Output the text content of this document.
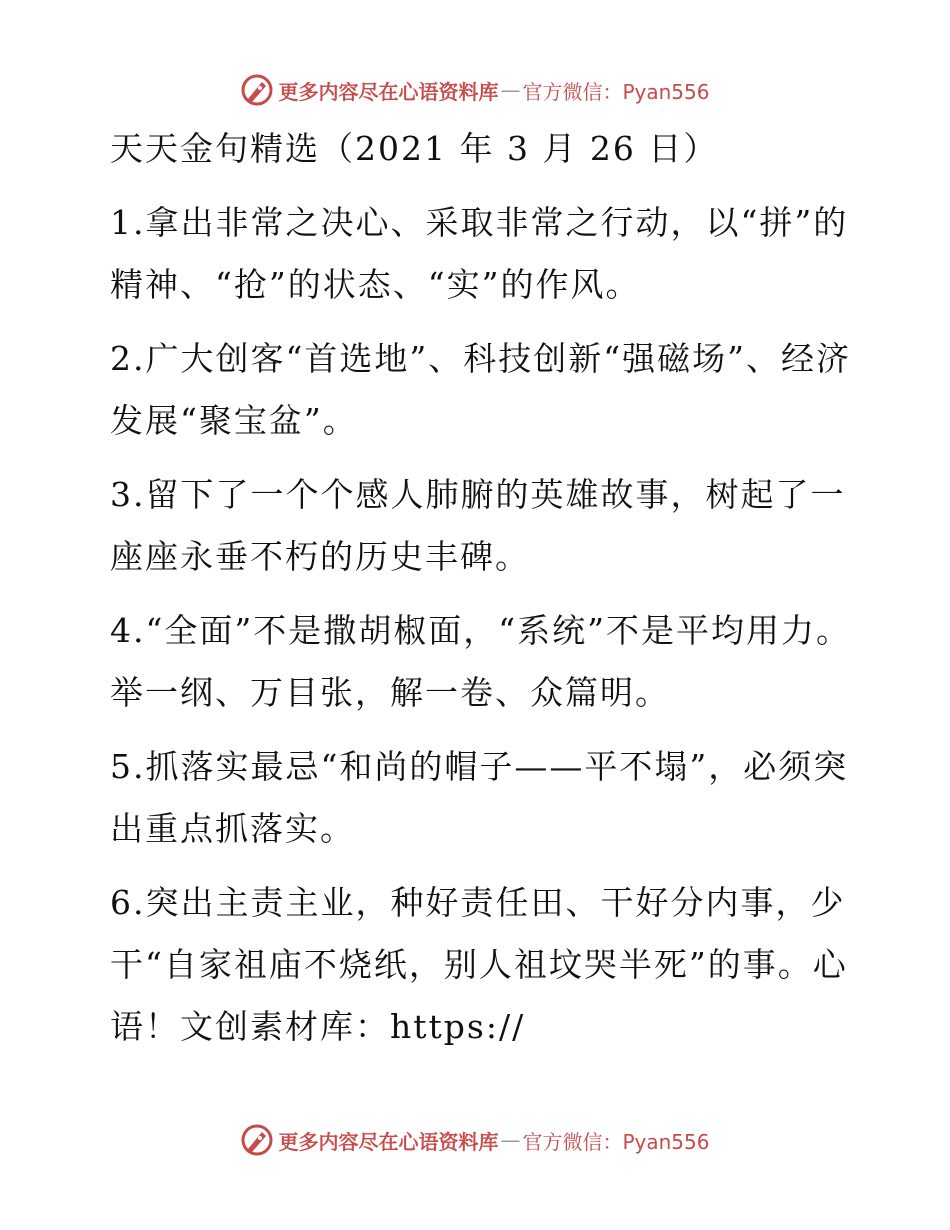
更多内容尽在心语资料库 — 官方微信：Pyan556
天天金句精选（2021 年 3 月 26 日）
1.拿出非常之决心、采取非常之行动，以“拼”的精神、“抢”的状态、“实”的作风。
2.广大创客“首选地”、科技创新“强磁场”、经济发展“聚宝盆”。
3.留下了一个个感人肺腑的英雄故事，树起了一座座永垂不朽的历史丰碑。
4.“全面”不是撒胡椒面，“系统”不是平均用力。举一纲、万目张，解一卷、众篇明。
5.抓落实最忌“和尚的帽子——平不塌”，必须突出重点抓落实。
6.突出主责主业，种好责任田、干好分内事，少干“自家祖庙不烧纸，别人祖坟哭半死”的事。心语！文创素材库：https://
更多内容尽在心语资料库 — 官方微信：Pyan556
